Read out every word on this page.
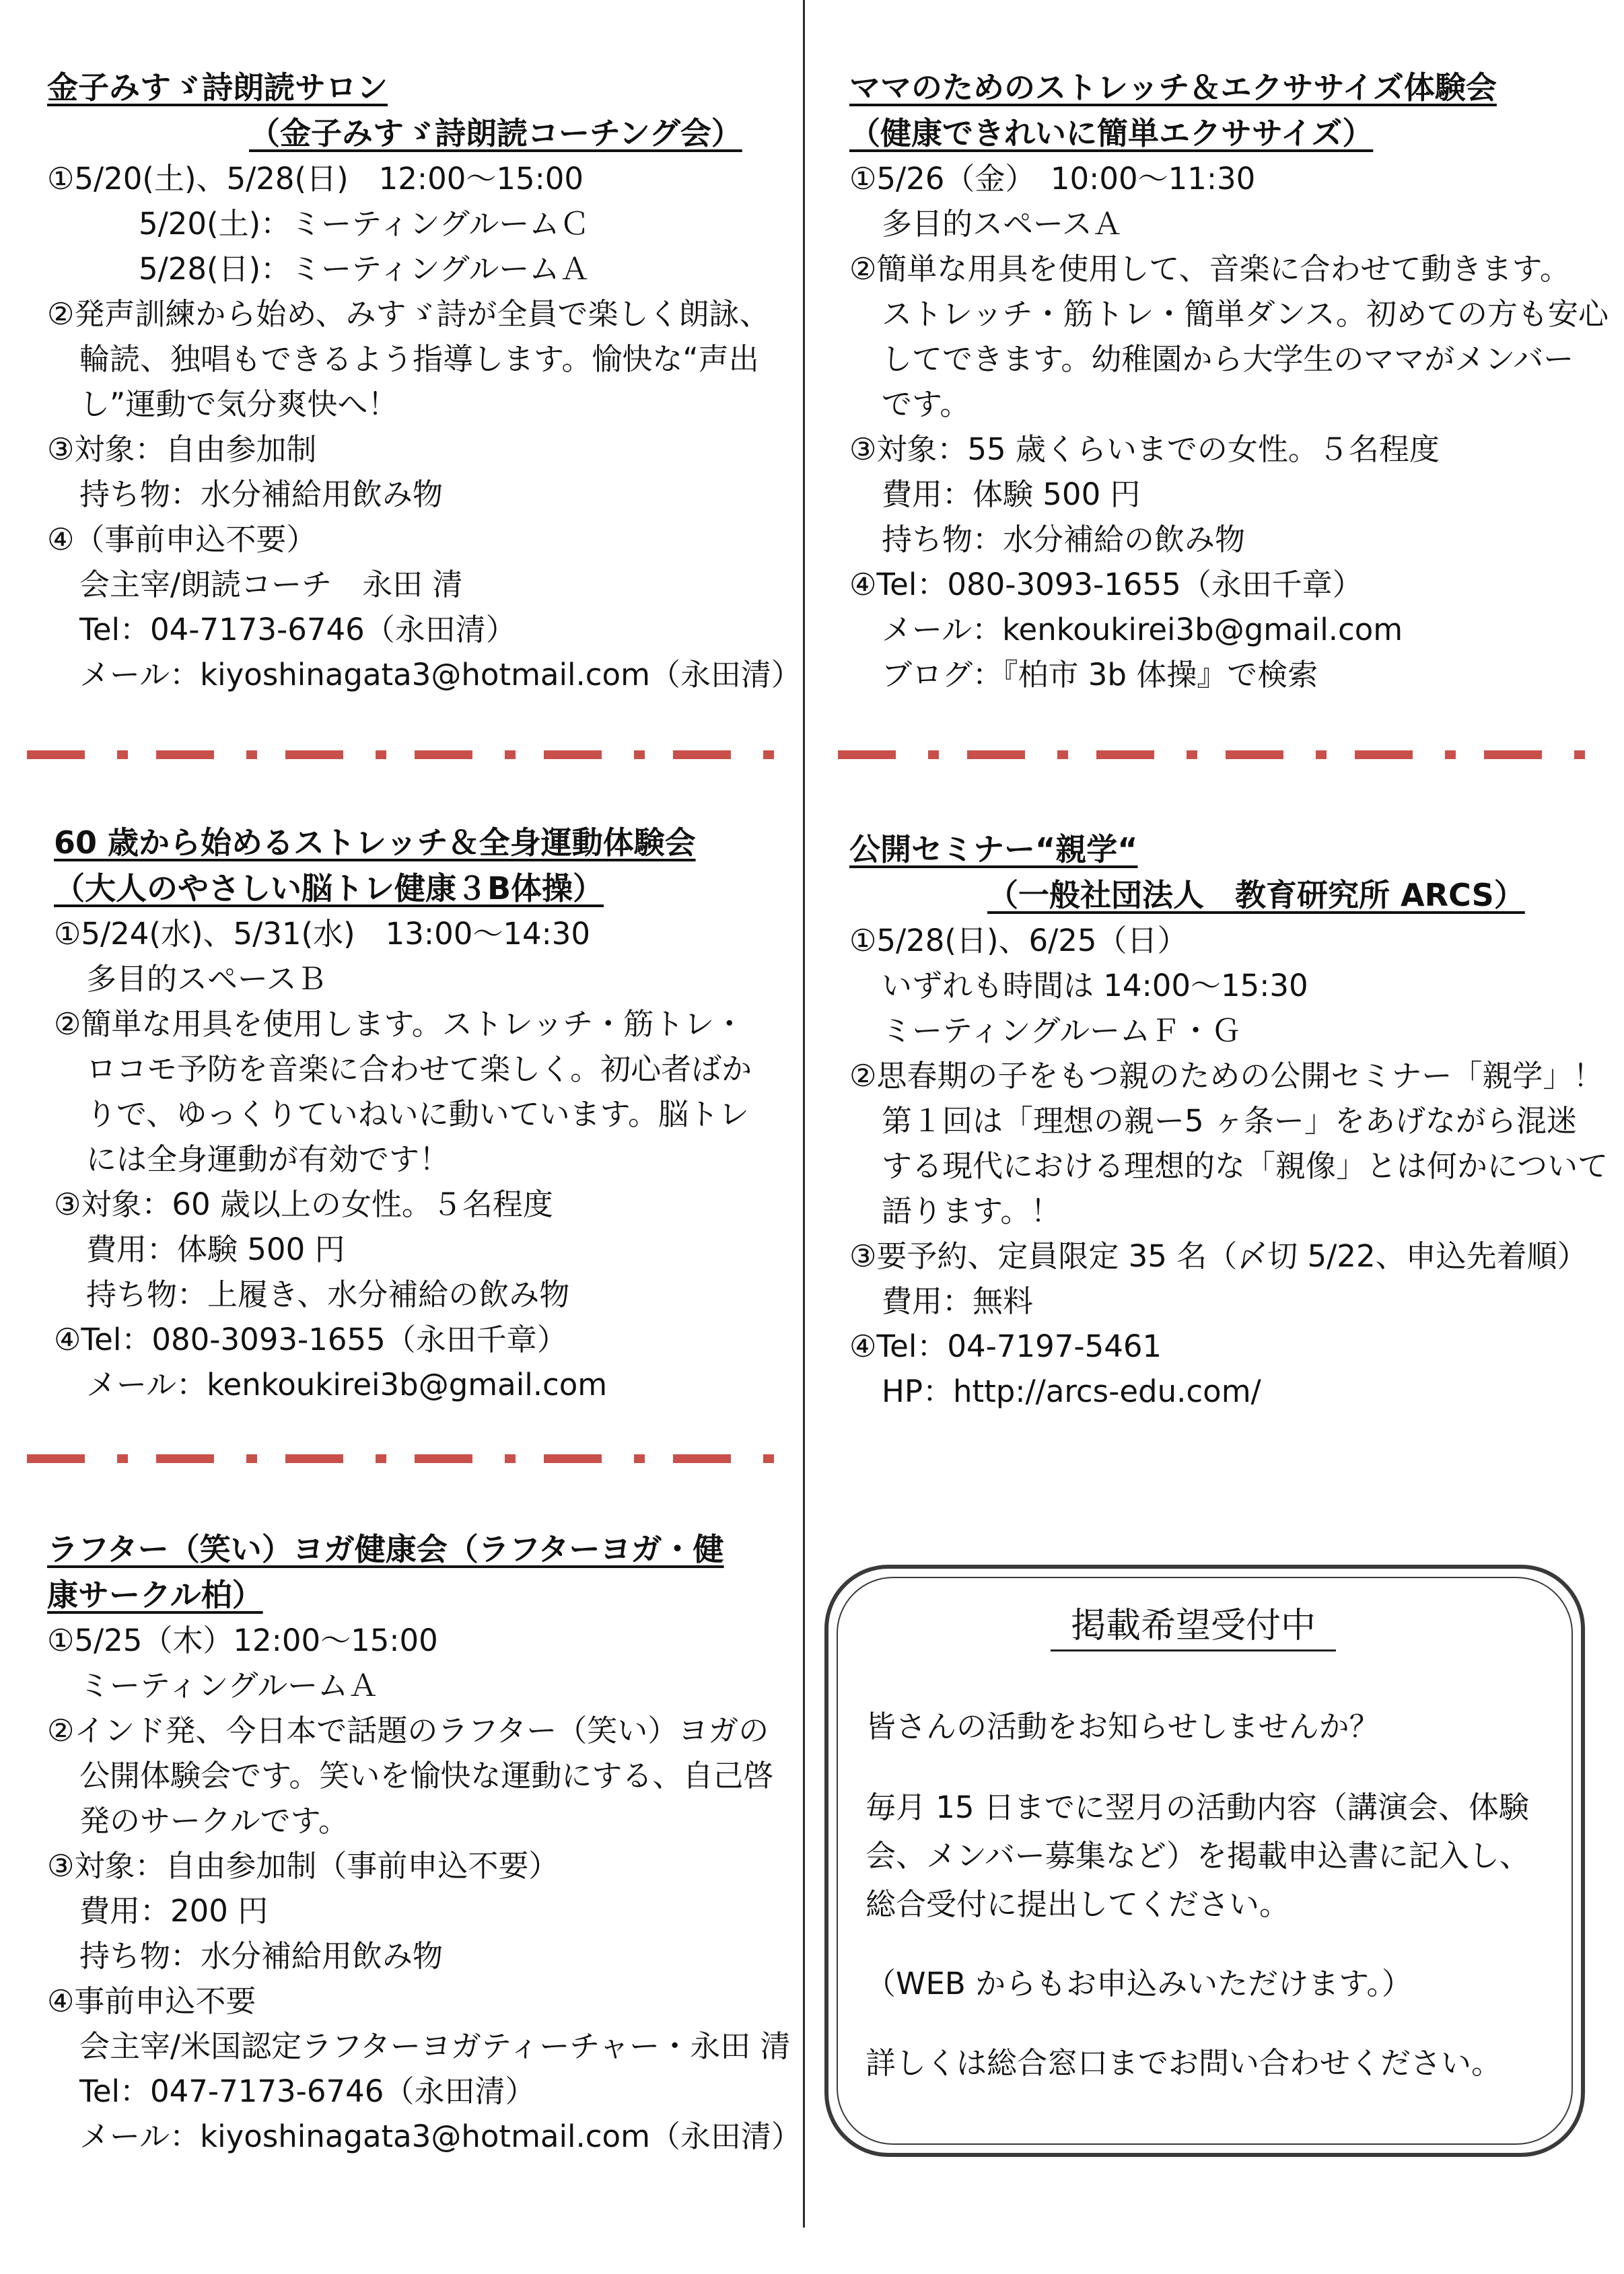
金子みすゞ詩朗読サロン
（金子みすゞ詩朗読コーチング会）
①5/20(土)、5/28(日)　12:00～15:00
5/20(土)：ミーティングルームＣ
5/28(日)：ミーティングルームＡ
②発声訓練から始め、みすゞ詩が全員で楽しく朗詠、
輪読、独唱もできるよう指導します。愉快な“声出
し”運動で気分爽快へ！
③対象：自由参加制
持ち物：水分補給用飲み物
④（事前申込不要）
会主宰/朗読コーチ　永田 清
Tel：04-7173-6746（永田清）
メール：kiyoshinagata3@hotmail.com（永田清）
ママのためのストレッチ＆エクササイズ体験会
（健康できれいに簡単エクササイズ）
①5/26（金）　10:00～11:30
多目的スペースＡ
②簡単な用具を使用して、音楽に合わせて動きます。
ストレッチ・筋トレ・簡単ダンス。初めての方も安心
してできます。幼稚園から大学生のママがメンバー
です。
③対象：55 歳くらいまでの女性。５名程度
費用：体験 500 円
持ち物：水分補給の飲み物
④Tel：080-3093-1655（永田千章）
メール：kenkoukirei3b@gmail.com
ブログ：『柏市 3b 体操』で検索
60 歳から始めるストレッチ＆全身運動体験会
（大人のやさしい脳トレ健康３B体操）
①5/24(水)、5/31(水)　13:00～14:30
多目的スペースＢ
②簡単な用具を使用します。ストレッチ・筋トレ・
ロコモ予防を音楽に合わせて楽しく。初心者ばか
りで、ゆっくりていねいに動いています。脳トレ
には全身運動が有効です！
③対象：60 歳以上の女性。５名程度
費用：体験 500 円
持ち物：上履き、水分補給の飲み物
④Tel：080-3093-1655（永田千章）
メール：kenkoukirei3b@gmail.com
公開セミナー“親学“
（一般社団法人　教育研究所 ARCS）
①5/28(日)、6/25（日）
いずれも時間は 14:00～15:30
ミーティングルームＦ・Ｇ
②思春期の子をもつ親のための公開セミナー「親学」！
第１回は「理想の親ー5 ヶ条ー」をあげながら混迷
する現代における理想的な「親像」とは何かについて
語ります。！
③要予約、定員限定 35 名（〆切 5/22、申込先着順）
費用：無料
④Tel：04-7197-5461
HP：http://arcs-edu.com/
ラフター（笑い）ヨガ健康会（ラフターヨガ・健
康サークル柏）
①5/25（木）12:00～15:00
ミーティングルームＡ
②インド発、今日本で話題のラフター（笑い）ヨガの
公開体験会です。笑いを愉快な運動にする、自己啓
発のサークルです。
③対象：自由参加制（事前申込不要）
費用：200 円
持ち物：水分補給用飲み物
④事前申込不要
会主宰/米国認定ラフターヨガティーチャー・永田 清
Tel：047-7173-6746（永田清）
メール：kiyoshinagata3@hotmail.com（永田清）
掲載希望受付中
皆さんの活動をお知らせしませんか？
毎月 15 日までに翌月の活動内容（講演会、体験
会、メンバー募集など）を掲載申込書に記入し、
総合受付に提出してください。
（WEB からもお申込みいただけます。）
詳しくは総合窓口までお問い合わせください。
